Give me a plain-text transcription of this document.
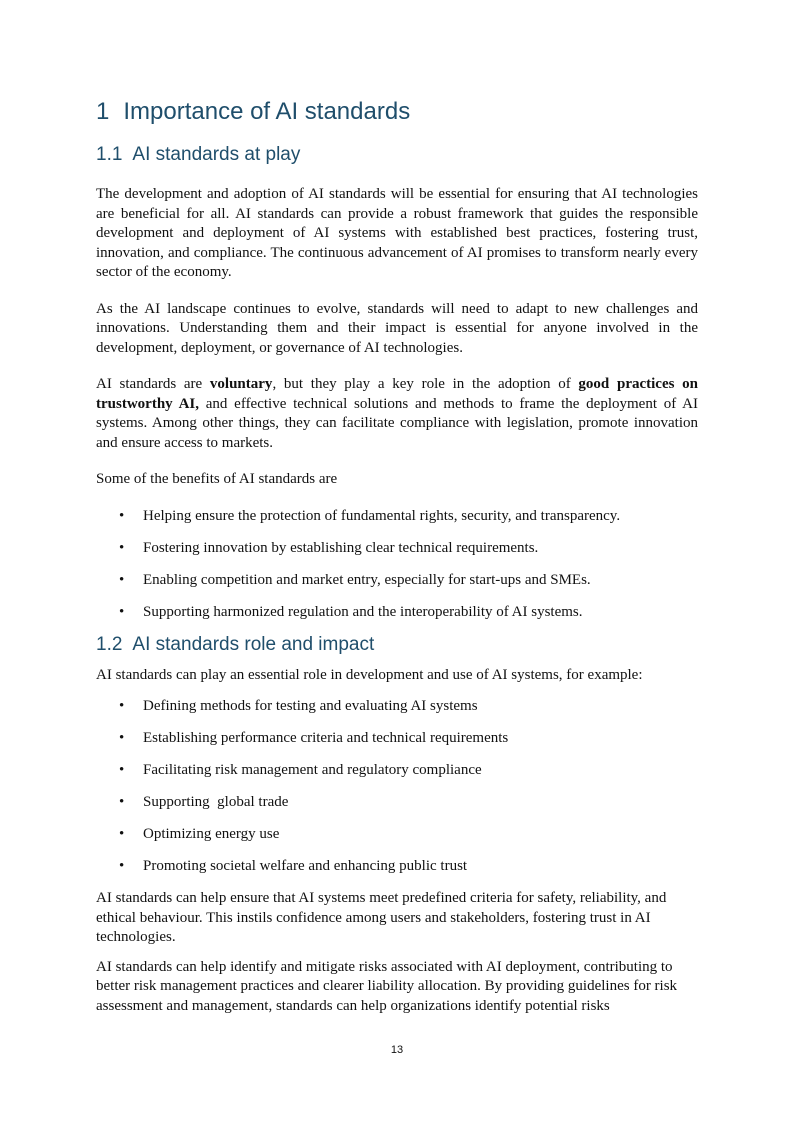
1 Importance of AI standards
1.1 AI standards at play

The development and adoption of AI standards will be essential for ensuring that AI technologies are beneficial for all. AI standards can provide a robust framework that guides the responsible development and deployment of AI systems with established best practices, fostering trust, innovation, and compliance. The continuous advancement of AI promises to transform nearly every sector of the economy.

As the AI landscape continues to evolve, standards will need to adapt to new challenges and innovations. Understanding them and their impact is essential for anyone involved in the development, deployment, or governance of AI technologies.

AI standards are voluntary, but they play a key role in the adoption of good practices on trustworthy AI, and effective technical solutions and methods to frame the deployment of AI systems. Among other things, they can facilitate compliance with legislation, promote innovation and ensure access to markets.

Some of the benefits of AI standards are

• Helping ensure the protection of fundamental rights, security, and transparency.
• Fostering innovation by establishing clear technical requirements.
• Enabling competition and market entry, especially for start-ups and SMEs.
• Supporting harmonized regulation and the interoperability of AI systems.
1.2 AI standards role and impact

AI standards can play an essential role in development and use of AI systems, for example:

• Defining methods for testing and evaluating AI systems
• Establishing performance criteria and technical requirements
• Facilitating risk management and regulatory compliance
• Supporting  global trade
• Optimizing energy use
• Promoting societal welfare and enhancing public trust

AI standards can help ensure that AI systems meet predefined criteria for safety, reliability, and ethical behaviour. This instils confidence among users and stakeholders, fostering trust in AI technologies.

AI standards can help identify and mitigate risks associated with AI deployment, contributing to better risk management practices and clearer liability allocation. By providing guidelines for risk assessment and management, standards can help organizations identify potential risks

13
